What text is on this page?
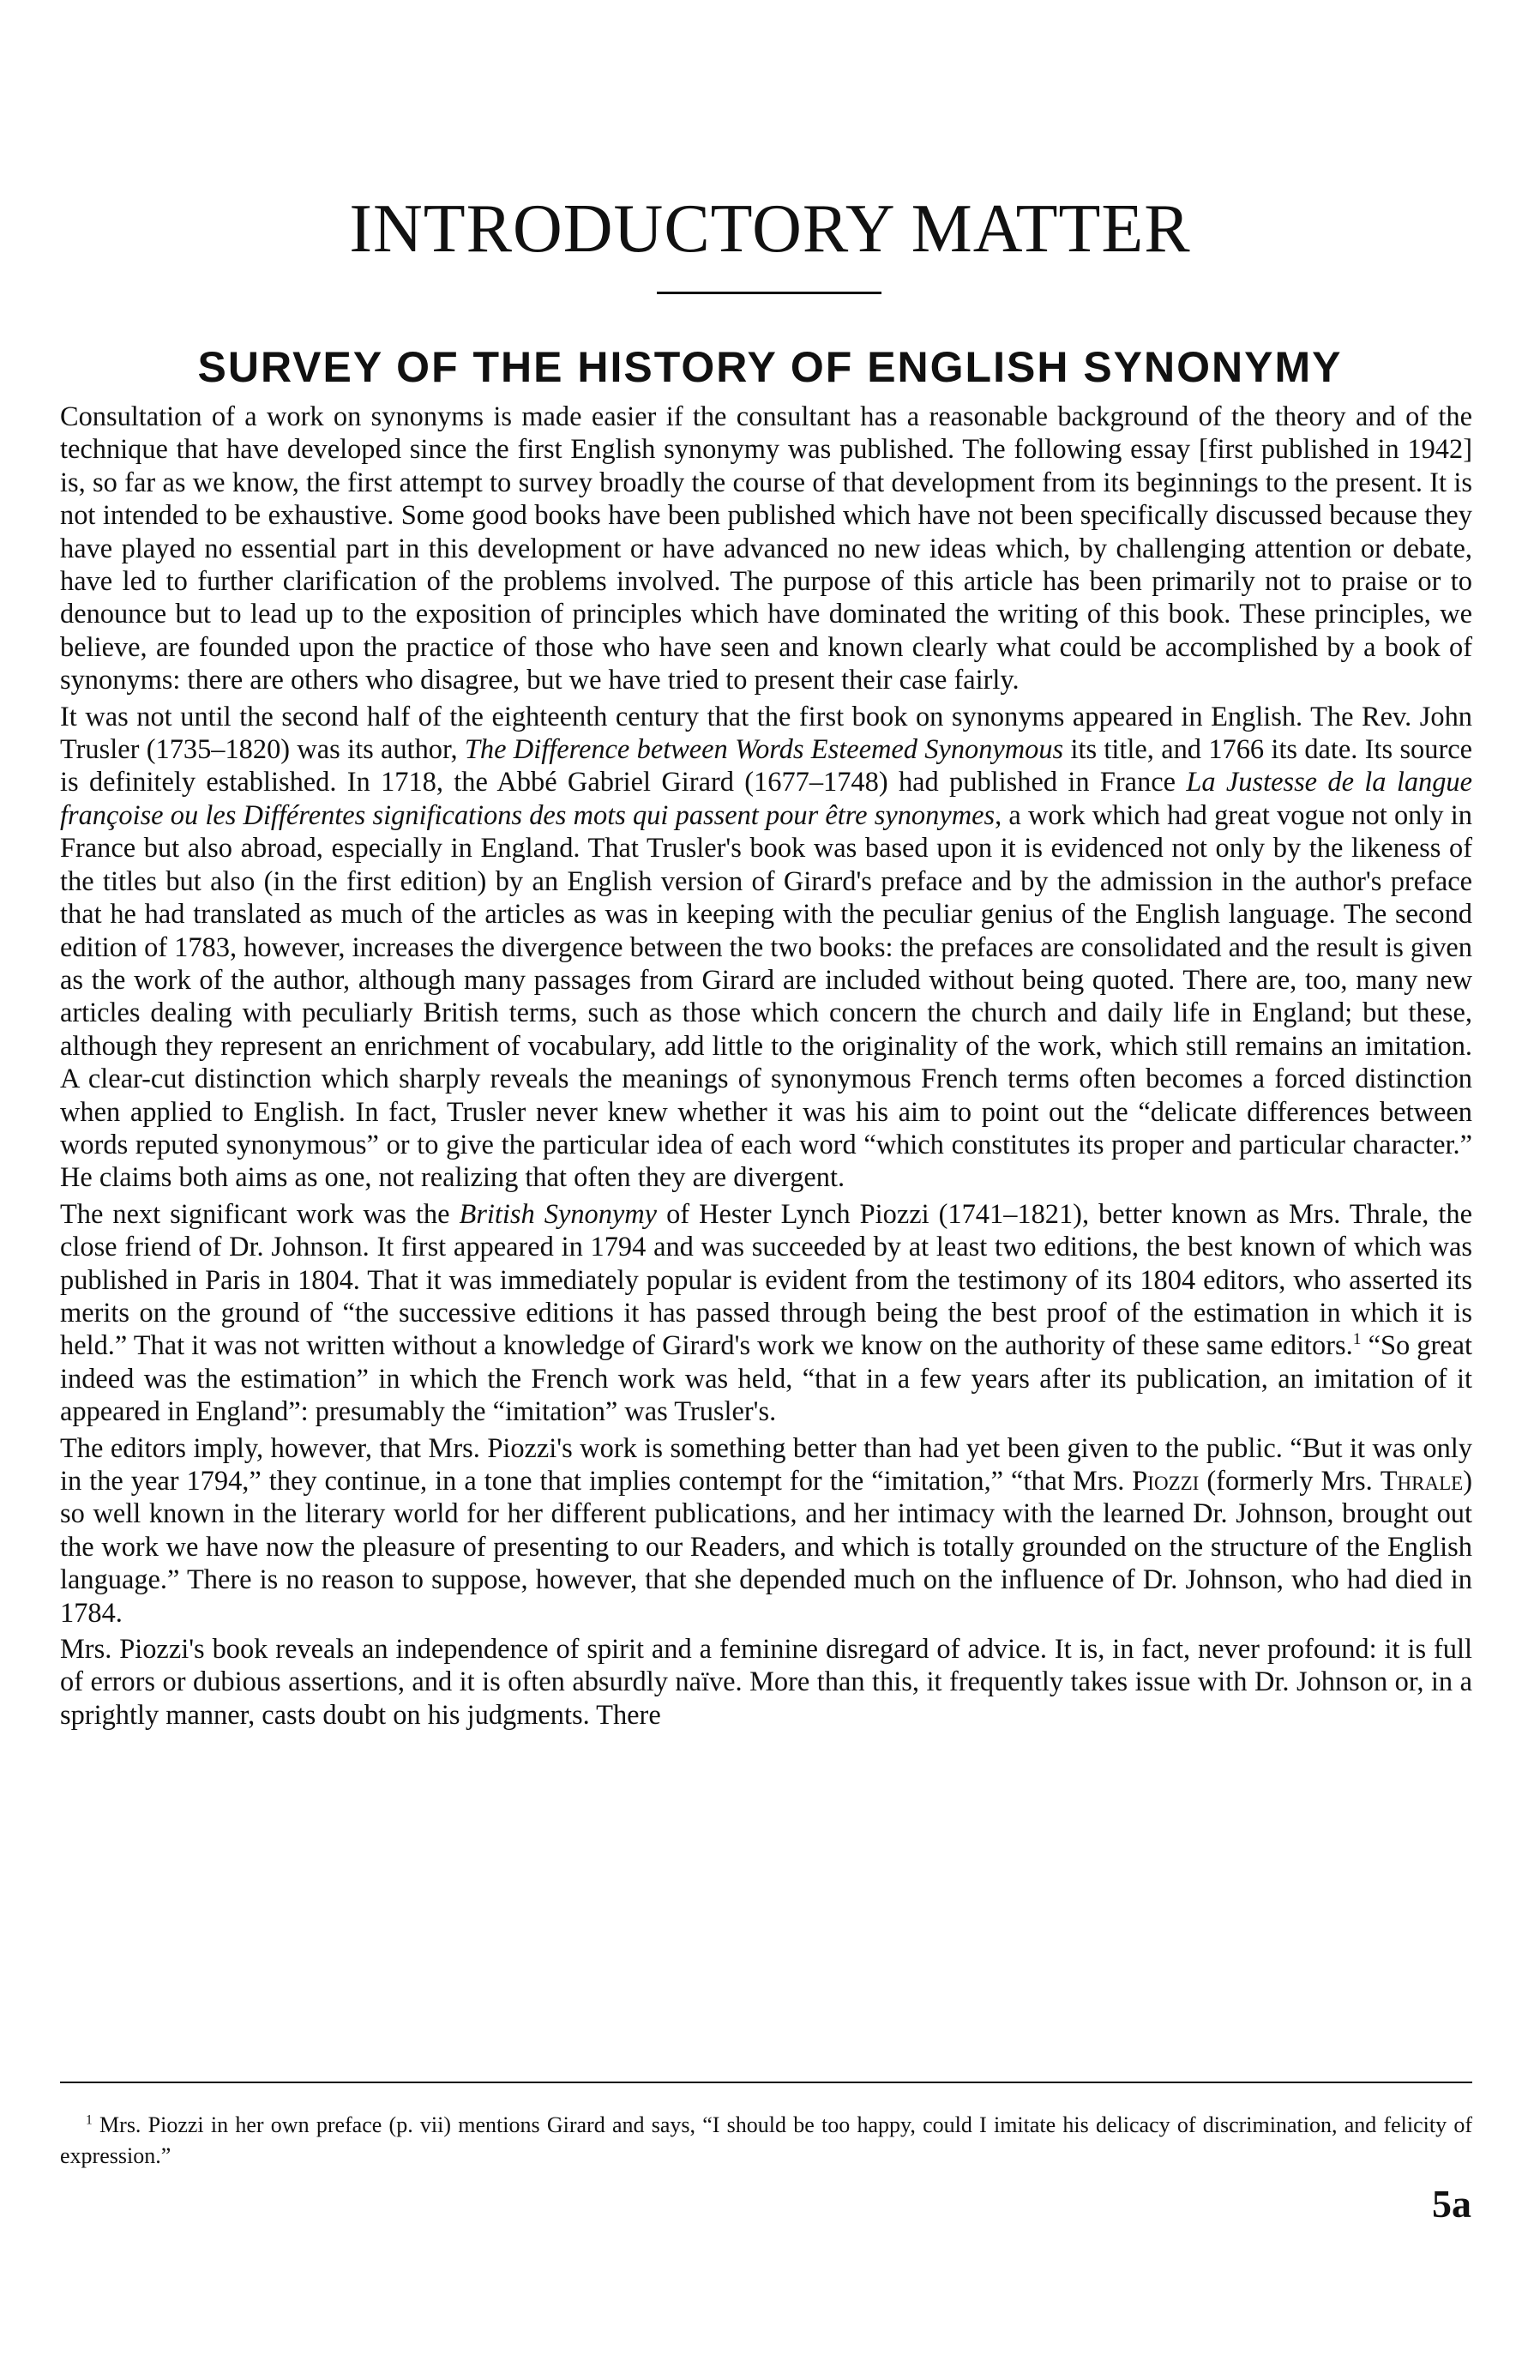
INTRODUCTORY MATTER
SURVEY OF THE HISTORY OF ENGLISH SYNONYMY

Consultation of a work on synonyms is made easier if the consultant has a reasonable background of the theory and of the technique that have developed since the first English synonymy was published. The following essay [first published in 1942] is, so far as we know, the first attempt to survey broadly the course of that development from its beginnings to the present. It is not intended to be exhaustive. Some good books have been published which have not been specifically discussed because they have played no essential part in this development or have advanced no new ideas which, by challenging attention or debate, have led to further clarification of the problems involved. The purpose of this article has been primarily not to praise or to denounce but to lead up to the exposition of principles which have dominated the writing of this book. These principles, we believe, are founded upon the practice of those who have seen and known clearly what could be accomplished by a book of synonyms: there are others who disagree, but we have tried to present their case fairly.

It was not until the second half of the eighteenth century that the first book on synonyms appeared in English. The Rev. John Trusler (1735–1820) was its author, The Difference between Words Esteemed Synonymous its title, and 1766 its date. Its source is definitely established. In 1718, the Abbé Gabriel Girard (1677–1748) had published in France La Justesse de la langue françoise ou les Différentes significations des mots qui passent pour être synonymes, a work which had great vogue not only in France but also abroad, especially in England. That Trusler's book was based upon it is evidenced not only by the likeness of the titles but also (in the first edition) by an English version of Girard's preface and by the admission in the author's preface that he had translated as much of the articles as was in keeping with the peculiar genius of the English language. The second edition of 1783, however, increases the divergence between the two books: the prefaces are consolidated and the result is given as the work of the author, although many passages from Girard are included without being quoted. There are, too, many new articles dealing with peculiarly British terms, such as those which concern the church and daily life in England; but these, although they represent an enrichment of vocabulary, add little to the originality of the work, which still remains an imitation. A clear-cut distinction which sharply reveals the meanings of synonymous French terms often becomes a forced distinction when applied to English. In fact, Trusler never knew whether it was his aim to point out the “delicate differences between words reputed synonymous” or to give the particular idea of each word “which constitutes its proper and particular character.” He claims both aims as one, not realizing that often they are divergent.

The next significant work was the British Synonymy of Hester Lynch Piozzi (1741–1821), better known as Mrs. Thrale, the close friend of Dr. Johnson. It first appeared in 1794 and was succeeded by at least two editions, the best known of which was published in Paris in 1804. That it was immediately popular is evident from the testimony of its 1804 editors, who asserted its merits on the ground of “the successive editions it has passed through being the best proof of the estimation in which it is held.” That it was not written without a knowledge of Girard's work we know on the authority of these same editors.$^1$ “So great indeed was the estimation” in which the French work was held, “that in a few years after its publication, an imitation of it appeared in England”: presumably the “imitation” was Trusler's.

The editors imply, however, that Mrs. Piozzi's work is something better than had yet been given to the public. “But it was only in the year 1794,” they continue, in a tone that implies contempt for the “imitation,” “that Mrs. Piozzi (formerly Mrs. Thrale) so well known in the literary world for her different publications, and her intimacy with the learned Dr. Johnson, brought out the work we have now the pleasure of presenting to our Readers, and which is totally grounded on the structure of the English language.” There is no reason to suppose, however, that she depended much on the influence of Dr. Johnson, who had died in 1784.

Mrs. Piozzi's book reveals an independence of spirit and a feminine disregard of advice. It is, in fact, never profound: it is full of errors or dubious assertions, and it is often absurdly naïve. More than this, it frequently takes issue with Dr. Johnson or, in a sprightly manner, casts doubt on his judgments. There

$^1$ Mrs. Piozzi in her own preface (p. vii) mentions Girard and says, “I should be too happy, could I imitate his delicacy of discrimination, and felicity of expression.”

5a
